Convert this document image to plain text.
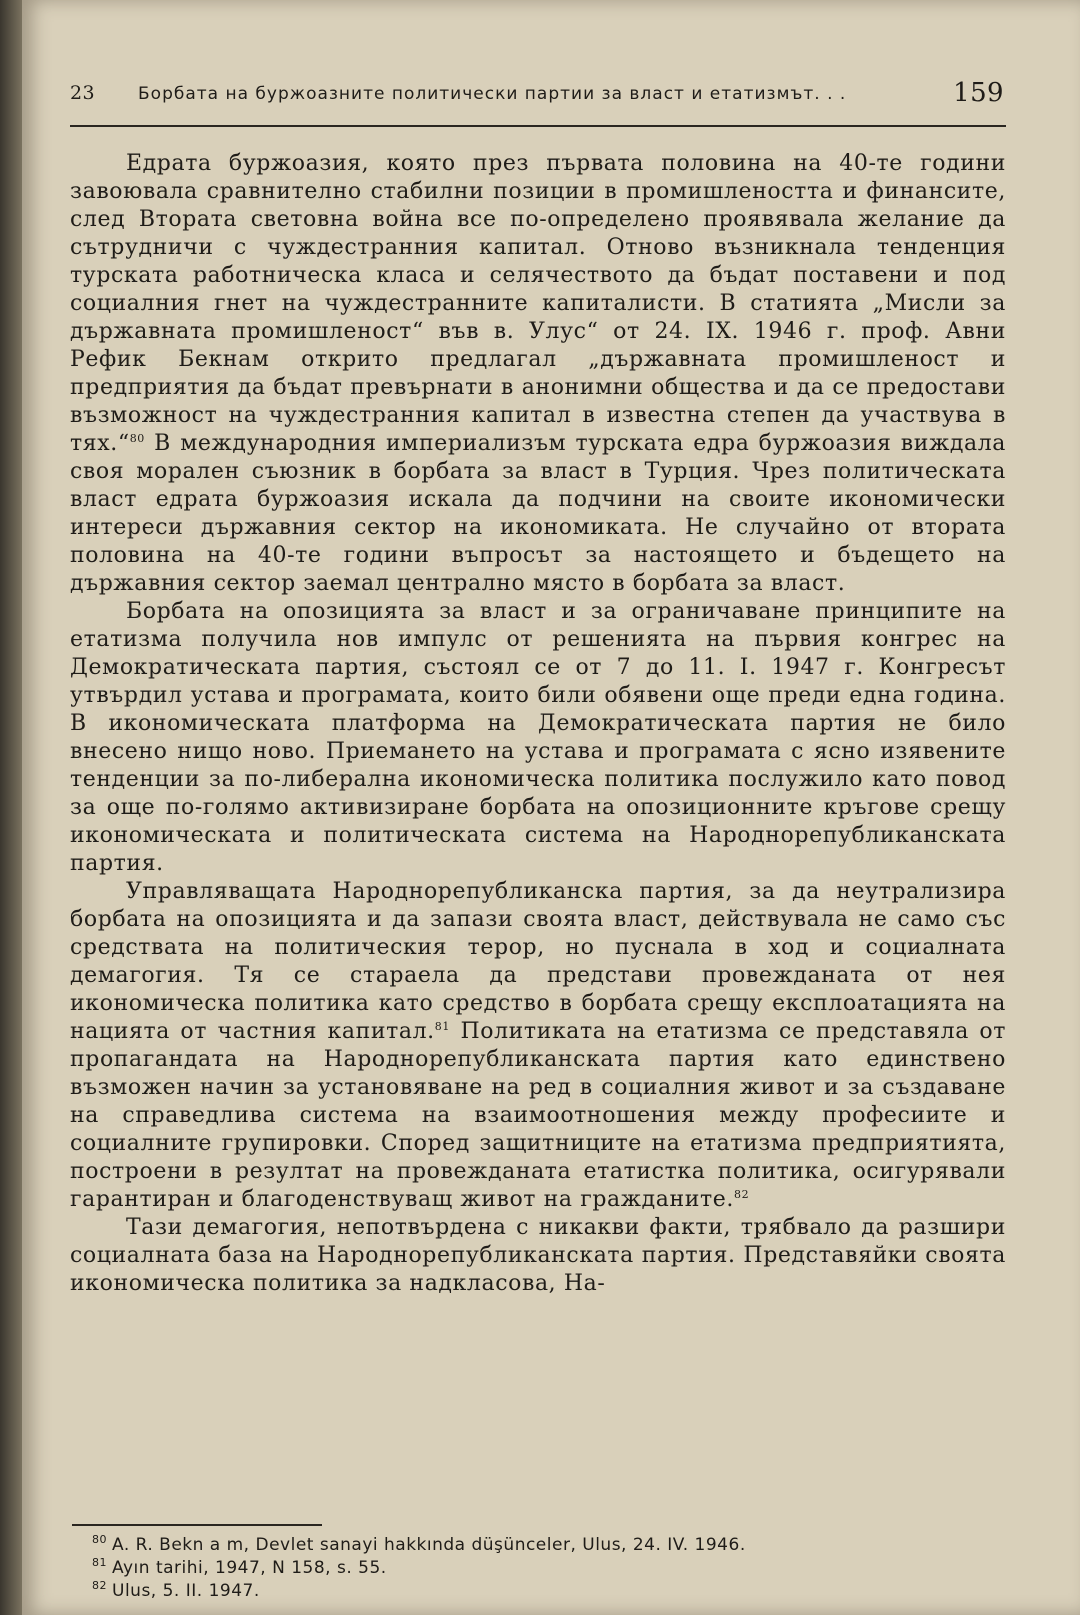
23	Борбата на буржоазните политически партии за власт и етатизмът. . .	159

Едрата буржоазия, която през първата половина на 40-те години завоювала сравнително стабилни позиции в промишлеността и финансите, след Втората световна война все по-определено проявявала желание да сътрудничи с чуждестранния капитал. Отново възникнала тенденция турската работническа класа и селячеството да бъдат поставени и под социалния гнет на чуждестранните капиталисти. В статията „Мисли за държавната промишленост“ във в. Улус“ от 24. IX. 1946 г. проф. Авни Рефик Бекнам открито предлагал „държавната промишленост и предприятия да бъдат превърнати в анонимни общества и да се предостави възможност на чуждестранния капитал в известна степен да участвува в тях.“$^{80}$ В международния империализъм турската едра буржоазия виждала своя морален съюзник в борбата за власт в Турция. Чрез политическата власт едрата буржоазия искала да подчини на своите икономически интереси държавния сектор на икономиката. Не случайно от втората половина на 40-те години въпросът за настоящето и бъдещето на държавния сектор заемал централно място в борбата за власт.

Борбата на опозицията за власт и за ограничаване принципите на етатизма получила нов импулс от решенията на първия конгрес на Демократическата партия, състоял се от 7 до 11. I. 1947 г. Конгресът утвърдил устава и програмата, които били обявени още преди една година. В икономическата платформа на Демократическата партия не било внесено нищо ново. Приемането на устава и програмата с ясно изявените тенденции за по-либерална икономическа политика послужило като повод за още по-голямо активизиране борбата на опозиционните кръгове срещу икономическата и политическата система на Народнорепубликанската партия.

Управляващата Народнорепубликанска партия, за да неутрализира борбата на опозицията и да запази своята власт, действувала не само със средствата на политическия терор, но пуснала в ход и социалната демагогия. Тя се стараела да представи провежданата от нея икономическа политика като средство в борбата срещу експлоатацията на нацията от частния капитал.$^{81}$ Политиката на етатизма се представяла от пропагандата на Народнорепубликанската партия като единствено възможен начин за установяване на ред в социалния живот и за създаване на справедлива система на взаимоотношения между професиите и социалните групировки. Според защитниците на етатизма предприятията, построени в резултат на провежданата етатистка политика, осигурявали гарантиран и благоденствуващ живот на гражданите.$^{82}$

Тази демагогия, непотвърдена с никакви факти, трябвало да разшири социалната база на Народнорепубликанската партия. Представяйки своята икономическа политика за надкласова, На-

80 A. R. Bekn a m, Devlet sanayi hakkında düşünceler, Ulus, 24. IV. 1946.
81 Ayın tarihi, 1947, N 158, s. 55.
82 Ulus, 5. II. 1947.
